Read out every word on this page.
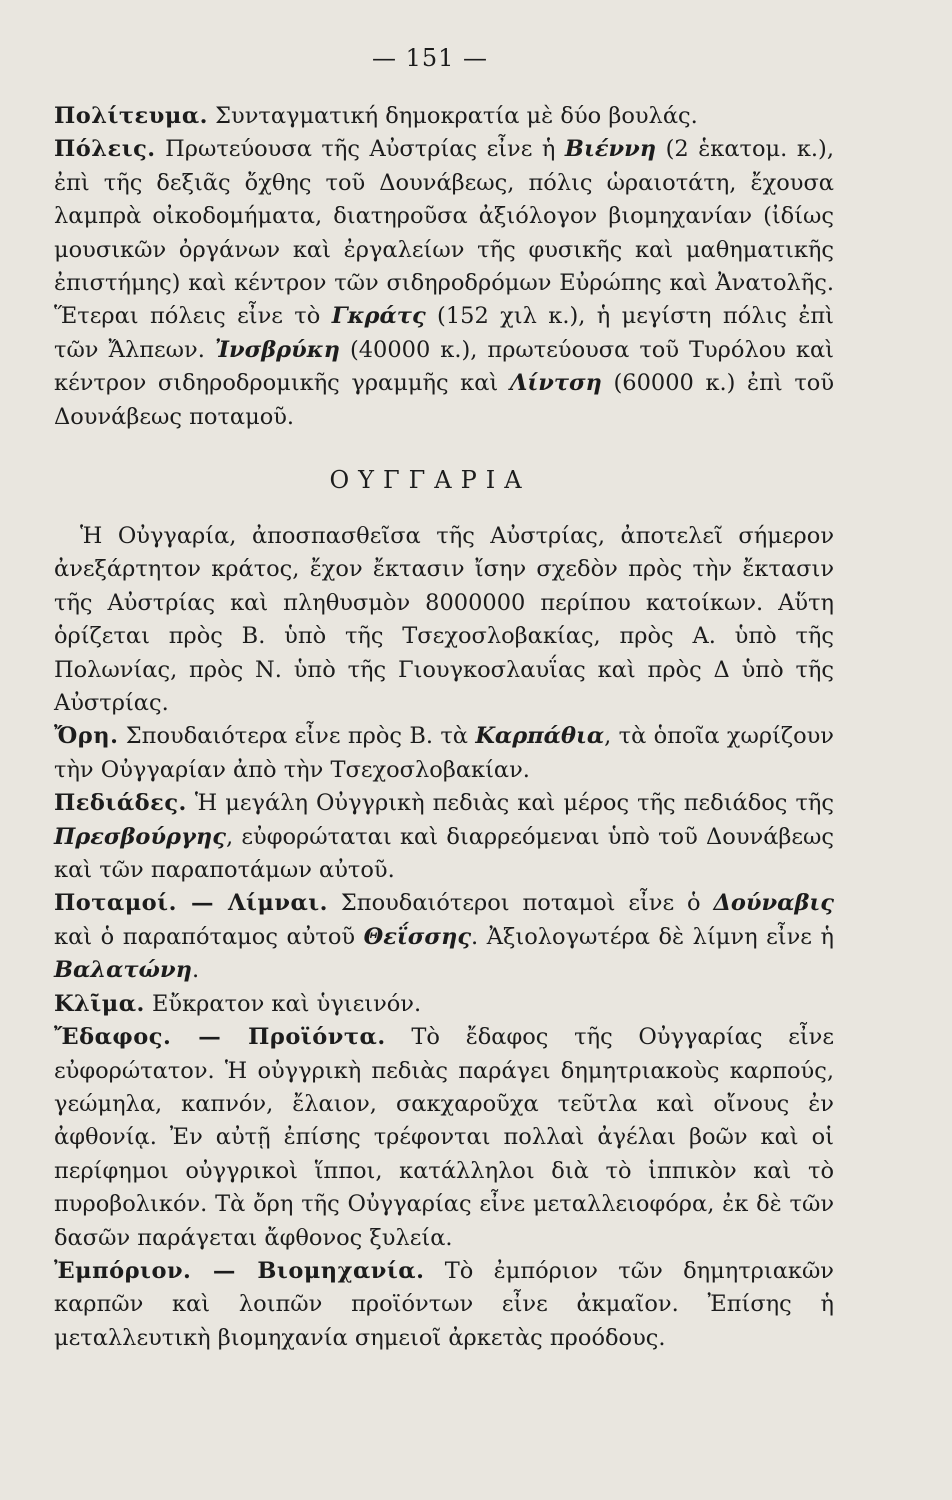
— 151 —

Πολίτευμα. Συνταγματική δημοκρατία μὲ δύο βουλάς.

Πόλεις. Πρωτεύουσα τῆς Αὐστρίας εἶνε ἡ Βιέννη (2 ἑκατομ. κ.), ἐπὶ τῆς δεξιᾶς ὄχθης τοῦ Δουνάβεως, πόλις ὡραιοτάτη, ἔχουσα λαμπρὰ οἰκοδομήματα, διατηροῦσα ἀξιόλογον βιομηχανίαν (ἰδίως μουσικῶν ὀργάνων καὶ ἐργαλείων τῆς φυσικῆς καὶ μαθηματικῆς ἐπιστήμης) καὶ κέντρον τῶν σιδηροδρόμων Εὐρώπης καὶ Ἀνατολῆς. Ἕτεραι πόλεις εἶνε τὸ Γκράτς (152 χιλ κ.), ἡ μεγίστη πόλις ἐπὶ τῶν Ἄλπεων. Ἰνσβρύκη (40000 κ.), πρωτεύουσα τοῦ Τυρόλου καὶ κέντρον σιδηροδρομικῆς γραμμῆς καὶ Λίντση (60000 κ.) ἐπὶ τοῦ Δουνάβεως ποταμοῦ.

ΟΥΓΓΑΡΙΑ

Ἡ Οὐγγαρία, ἀποσπασθεῖσα τῆς Αὐστρίας, ἀποτελεῖ σήμερον ἀνεξάρτητον κράτος, ἔχον ἔκτασιν ἴσην σχεδὸν πρὸς τὴν ἔκτασιν τῆς Αὐστρίας καὶ πληθυσμὸν 8000000 περίπου κατοίκων. Αὕτη ὁρίζεται πρὸς Β. ὑπὸ τῆς Τσεχοσλοβακίας, πρὸς Α. ὑπὸ τῆς Πολωνίας, πρὸς Ν. ὑπὸ τῆς Γιουγκοσλαυΐας καὶ πρὸς Δ ὑπὸ τῆς Αὐστρίας.

Ὄρη. Σπουδαιότερα εἶνε πρὸς Β. τὰ Καρπάθια, τὰ ὁποῖα χωρίζουν τὴν Οὐγγαρίαν ἀπὸ τὴν Τσεχοσλοβακίαν.

Πεδιάδες. Ἡ μεγάλη Οὐγγρικὴ πεδιὰς καὶ μέρος τῆς πεδιάδος τῆς Πρεσβούργης, εὐφορώταται καὶ διαρρεόμεναι ὑπὸ τοῦ Δουνάβεως καὶ τῶν παραποτάμων αὐτοῦ.

Ποταμοί. — Λίμναι. Σπουδαιότεροι ποταμοὶ εἶνε ὁ Δούναβις καὶ ὁ παραπόταμος αὐτοῦ Θεΐσσης. Ἀξιολογωτέρα δὲ λίμνη εἶνε ἡ Βαλατώνη.

Κλῖμα. Εὔκρατον καὶ ὑγιεινόν.

Ἔδαφος. — Προϊόντα. Τὸ ἔδαφος τῆς Οὐγγαρίας εἶνε εὐφορώτατον. Ἡ οὐγγρικὴ πεδιὰς παράγει δημητριακοὺς καρπούς, γεώμηλα, καπνόν, ἔλαιον, σακχαροῦχα τεῦτλα καὶ οἴνους ἐν ἀφθονίᾳ. Ἐν αὐτῇ ἐπίσης τρέφονται πολλαὶ ἀγέλαι βοῶν καὶ οἱ περίφημοι οὐγγρικοὶ ἵπποι, κατάλληλοι διὰ τὸ ἱππικὸν καὶ τὸ πυροβολικόν. Τὰ ὄρη τῆς Οὐγγαρίας εἶνε μεταλλειοφόρα, ἐκ δὲ τῶν δασῶν παράγεται ἄφθονος ξυλεία.

Ἐμπόριον. — Βιομηχανία. Τὸ ἐμπόριον τῶν δημητριακῶν καρπῶν καὶ λοιπῶν προϊόντων εἶνε ἀκμαῖον. Ἐπίσης ἡ μεταλλευτικὴ βιομηχανία σημειοῖ ἀρκετὰς προόδους.
